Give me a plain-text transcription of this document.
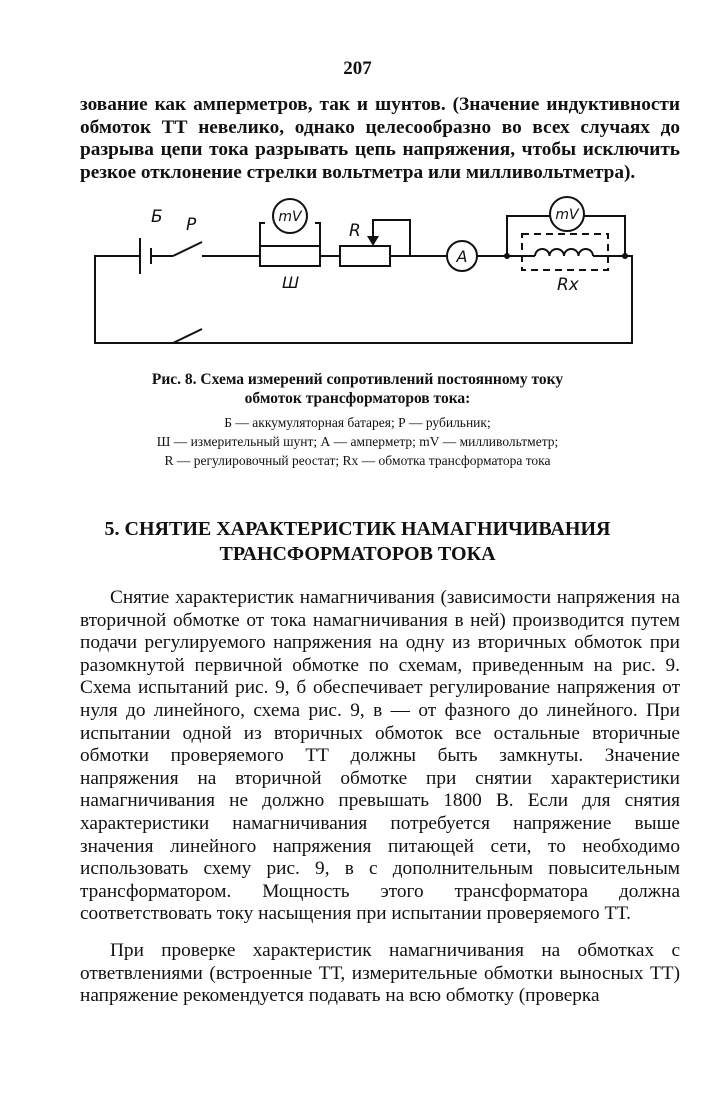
207
зование как амперметров, так и шунтов. (Значение индуктивности обмоток ТТ невелико, однако целесообразно во всех случаях до разрыва цепи тока разрывать цепь напряжения, чтобы исключить резкое отклонение стрелки вольтметра или милливольтметра).
Б Р	mV
Ш
R
A
mV
Rx
Рис. 8. Схема измерений сопротивлений постоянному току
обмоток трансформаторов тока:
Б — аккумуляторная батарея; Р — рубильник;
Ш — измерительный шунт; А — амперметр; mV — милливольтметр;
R — регулировочный реостат; Rx — обмотка трансформатора тока
5. СНЯТИЕ ХАРАКТЕРИСТИК НАМАГНИЧИВАНИЯ
ТРАНСФОРМАТОРОВ ТОКА
Снятие характеристик намагничивания (зависимости напряжения на вторичной обмотке от тока намагничивания в ней) производится путем подачи регулируемого напряжения на одну из вторичных обмоток при разомкнутой первичной обмотке по схемам, приведенным на рис. 9. Схема испытаний рис. 9, б обеспечивает регулирование напряжения от нуля до линейного, схема рис. 9, в — от фазного до линейного. При испытании одной из вторичных обмоток все остальные вторичные обмотки проверяемого ТТ должны быть замкнуты. Значение напряжения на вторичной обмотке при снятии характеристики намагничивания не должно превышать 1800 В. Если для снятия характеристики намагничивания потребуется напряжение выше значения линейного напряжения питающей сети, то необходимо использовать схему рис. 9, в с дополнительным повысительным трансформатором. Мощность этого трансформатора должна соответствовать току насыщения при испытании проверяемого ТТ.
При проверке характеристик намагничивания на обмотках с ответвлениями (встроенные ТТ, измерительные обмотки выносных ТТ) напряжение рекомендуется подавать на всю обмотку (проверка
